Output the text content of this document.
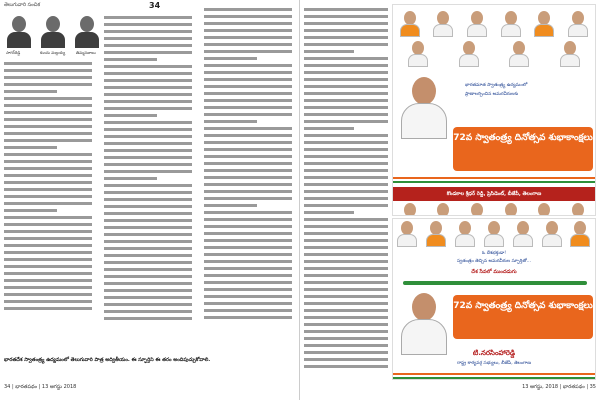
తెలుగువారి సంచిక	34
సాగర్‌రెడ్డి	కుంచు మల్లయ్య	తిమ్మనబాబు
భారతదేశ స్వాతంత్ర్య ఉద్యమంలో తెలుగువారి పాత్ర అద్వితీయం. ఈ స్ఫూర్తిని ఈ తరం అందిపుచ్చుకోవాలి.
34 | భారతపథం | 13 ఆగస్టు 2018	13 ఆగస్టు, 2018 | భారతపథం | 35
భారతమాత స్వాతంత్ర్య ఉద్యమంలో
ప్రాణాలర్పించిన అమరవీరులకు
72వ స్వాతంత్ర్య దినోత్సవ శుభాకాంక్షలు
కొండకాల శ్రీధర్ రెడ్డి, ప్రెసిడెంట్, బీజేపీ, తెలంగాణ
ఓ దేశభక్తుడా!
స్వతంత్రం తెచ్చిన అమరవీరుల స్ఫూర్తితో...
దేశ సేవలో ముందడుగు
72వ స్వాతంత్ర్య దినోత్సవ శుభాకాంక్షలు
టి.నరసింహారెడ్డి
రాష్ట్ర కార్యవర్గ సభ్యులు, బీజేపీ, తెలంగాణ
